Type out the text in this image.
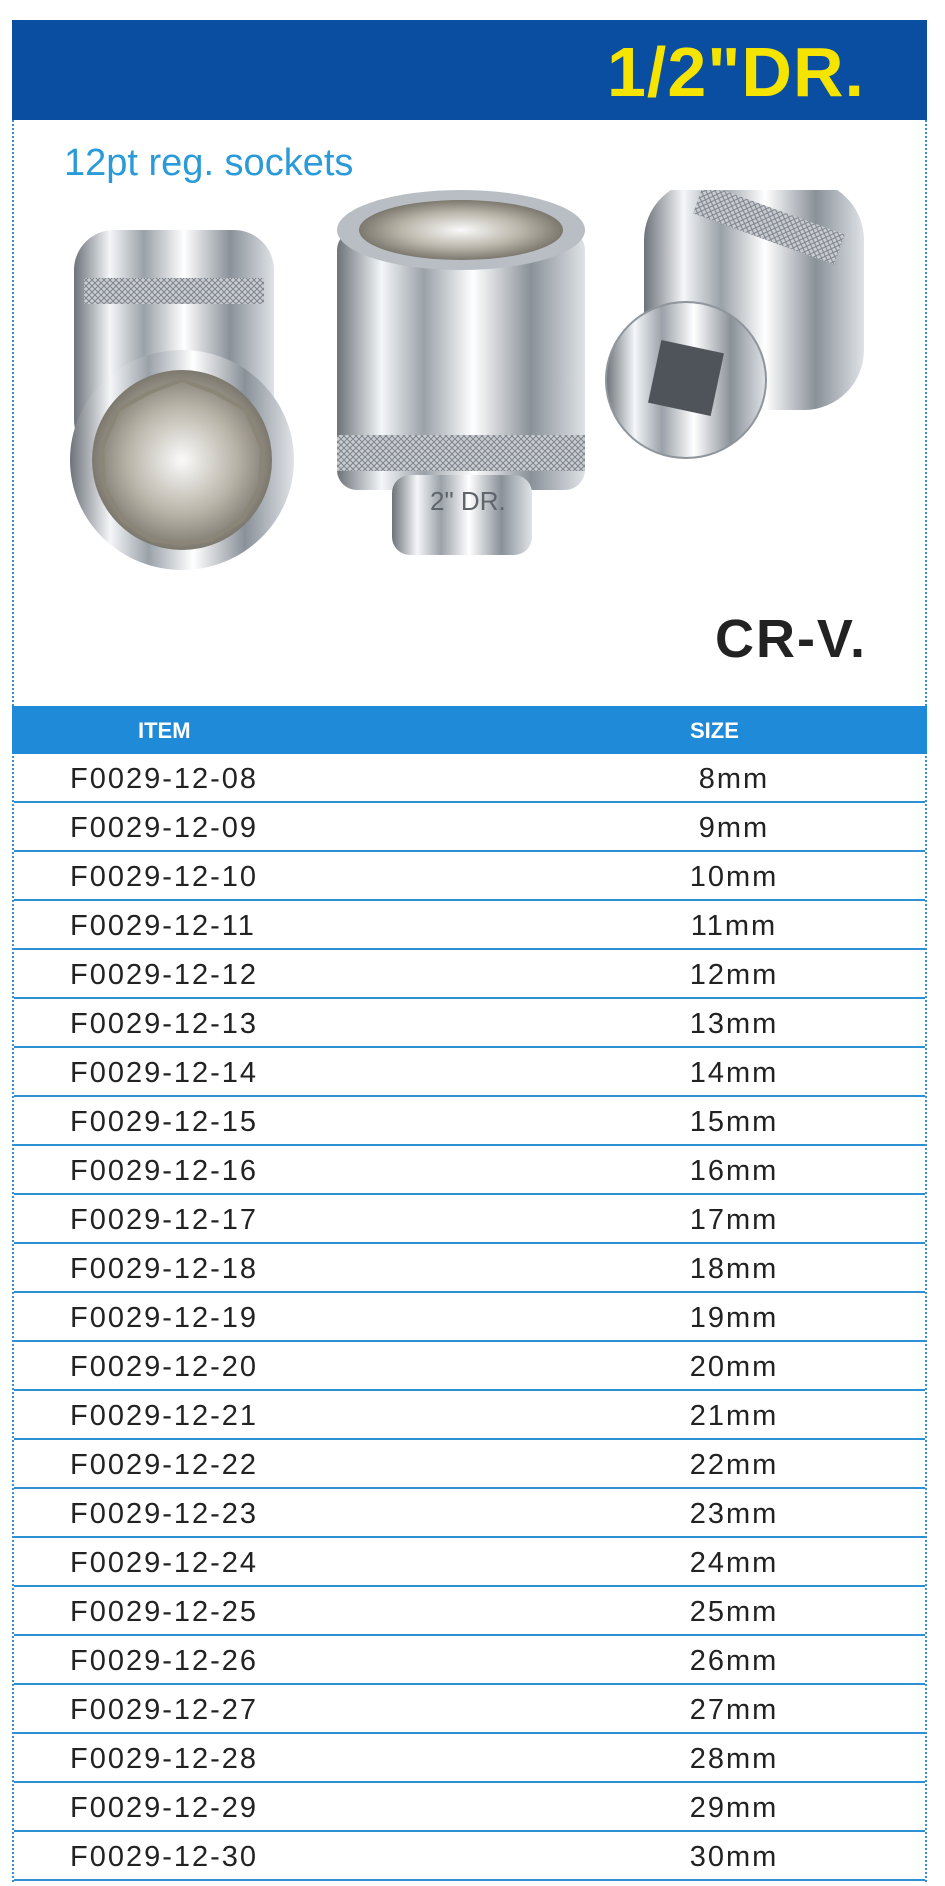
1/2"DR.
12pt reg. sockets
2" DR.
CR-V.
ITEM	SIZE
F0029-12-08	8mm
F0029-12-09	9mm
F0029-12-10	10mm
F0029-12-11	11mm
F0029-12-12	12mm
F0029-12-13	13mm
F0029-12-14	14mm
F0029-12-15	15mm
F0029-12-16	16mm
F0029-12-17	17mm
F0029-12-18	18mm
F0029-12-19	19mm
F0029-12-20	20mm
F0029-12-21	21mm
F0029-12-22	22mm
F0029-12-23	23mm
F0029-12-24	24mm
F0029-12-25	25mm
F0029-12-26	26mm
F0029-12-27	27mm
F0029-12-28	28mm
F0029-12-29	29mm
F0029-12-30	30mm
